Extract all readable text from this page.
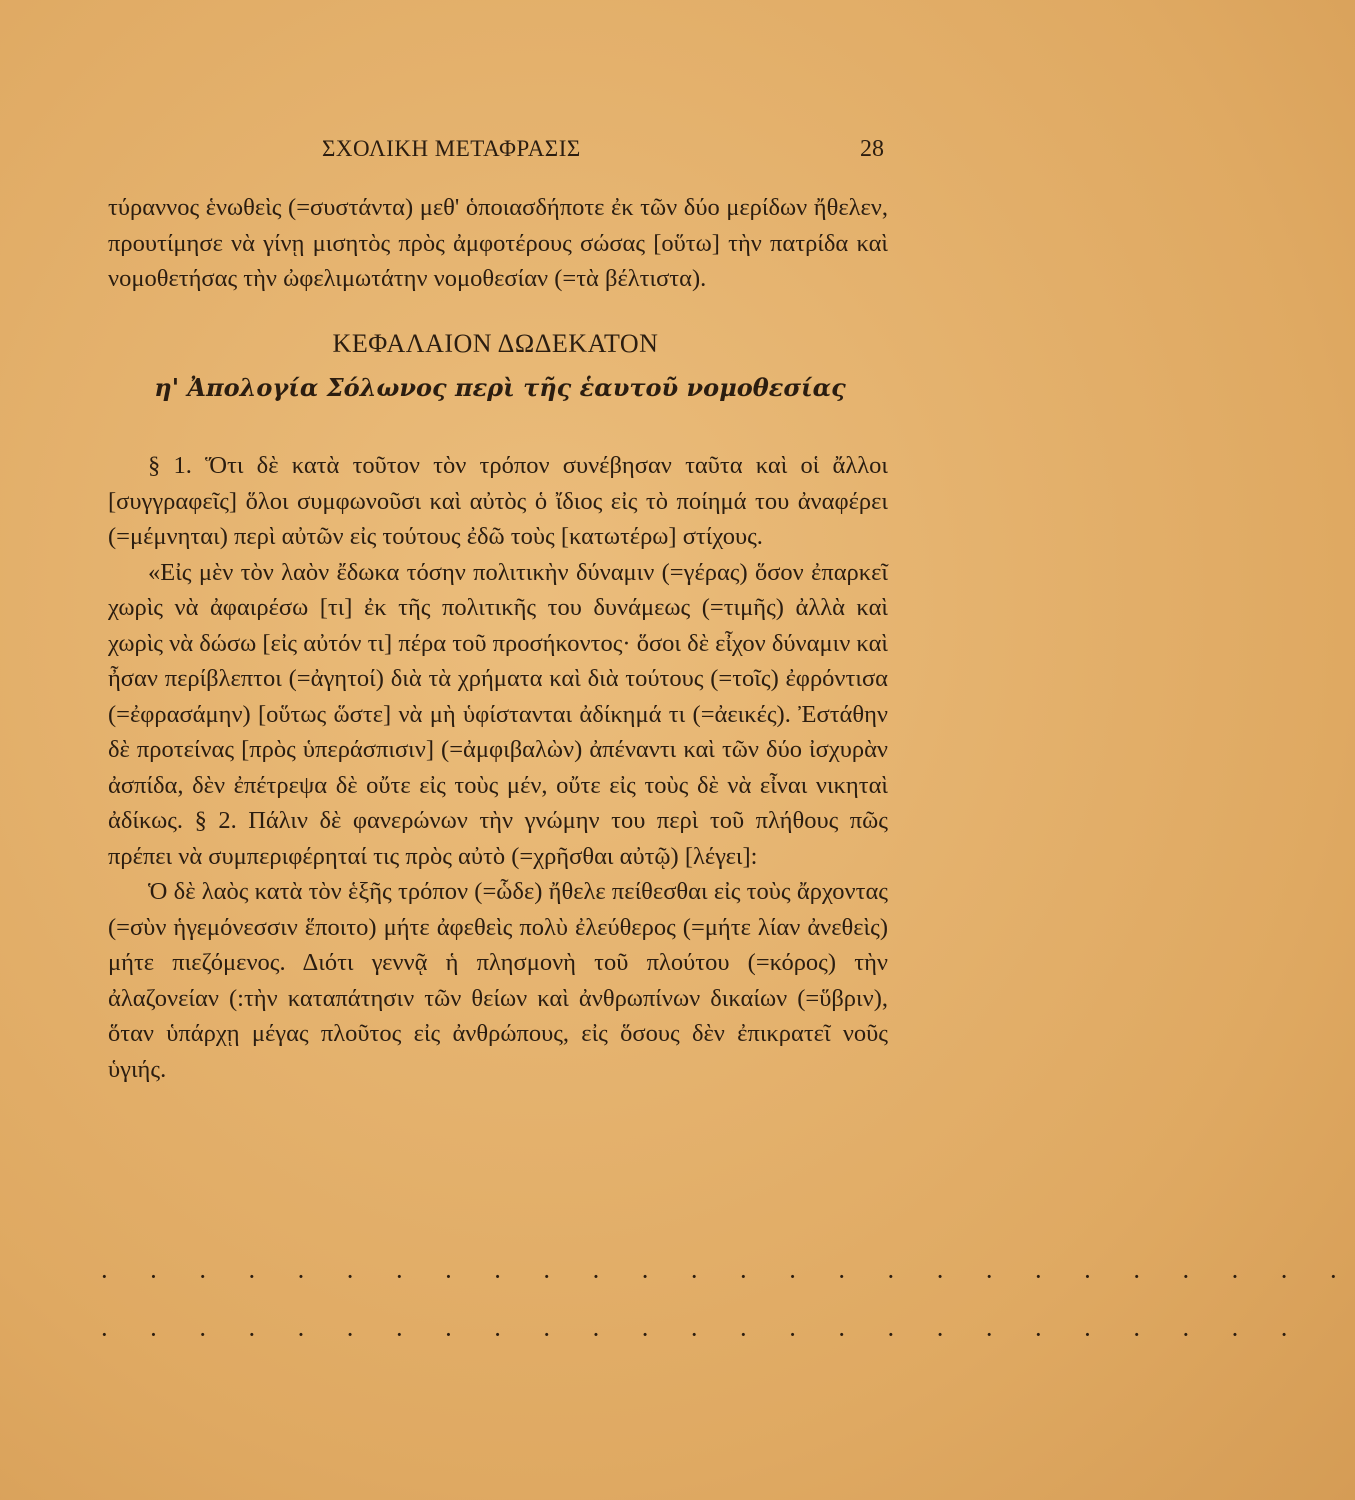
ΣΧΟΛΙΚΗ ΜΕΤΑΦΡΑΣΙΣ	28

τύραννος ἑνωθεὶς (=συστάντα) μεθ' ὁποιασδήποτε ἐκ τῶν δύο μερίδων ἤθελεν, προυτίμησε νὰ γίνῃ μισητὸς πρὸς ἀμφοτέρους σώσας [οὕτω] τὴν πατρίδα καὶ νομοθετήσας τὴν ὠφελιμωτάτην νομοθεσίαν (=τὰ βέλτιστα).

ΚΕΦΑΛΑΙΟΝ ΔΩΔΕΚΑΤΟΝ
η' Ἀπολογία Σόλωνος περὶ τῆς ἑαυτοῦ νομοθεσίας

§ 1. Ὅτι δὲ κατὰ τοῦτον τὸν τρόπον συνέβησαν ταῦτα καὶ οἱ ἄλλοι [συγγραφεῖς] ὅλοι συμφωνοῦσι καὶ αὐτὸς ὁ ἴδιος εἰς τὸ ποίημά του ἀναφέρει (=μέμνηται) περὶ αὐτῶν εἰς τούτους ἐδῶ τοὺς [κατωτέρω] στίχους.

«Εἰς μὲν τὸν λαὸν ἔδωκα τόσην πολιτικὴν δύναμιν (=γέρας) ὅσον ἐπαρκεῖ χωρὶς νὰ ἀφαιρέσω [τι] ἐκ τῆς πολιτικῆς του δυνάμεως (=τιμῆς) ἀλλὰ καὶ χωρὶς νὰ δώσω [εἰς αὐτόν τι] πέρα τοῦ προσήκοντος· ὅσοι δὲ εἶχον δύναμιν καὶ ἦσαν περίβλεπτοι (=ἀγητοί) διὰ τὰ χρήματα καὶ διὰ τούτους (=τοῖς) ἐφρόντισα (=ἐφρασάμην) [οὕτως ὥστε] νὰ μὴ ὑφίστανται ἀδίκημά τι (=ἀεικές). Ἐστάθην δὲ προτείνας [πρὸς ὑπεράσπισιν] (=ἀμφιβαλὼν) ἀπέναντι καὶ τῶν δύο ἰσχυρὰν ἀσπίδα, δὲν ἐπέτρεψα δὲ οὔτε εἰς τοὺς μέν, οὔτε εἰς τοὺς δὲ νὰ εἶναι νικηταὶ ἀδίκως. § 2. Πάλιν δὲ φανερώνων τὴν γνώμην του περὶ τοῦ πλήθους πῶς πρέπει νὰ συμπεριφέρηταί τις πρὸς αὐτὸ (=χρῆσθαι αὐτῷ) [λέγει]:

Ὁ δὲ λαὸς κατὰ τὸν ἑξῆς τρόπον (=ὧδε) ἤθελε πείθεσθαι εἰς τοὺς ἄρχοντας (=σὺν ἡγεμόνεσσιν ἕποιτο) μήτε ἀφεθεὶς πολὺ ἐλεύθερος (=μήτε λίαν ἀνεθεὶς) μήτε πιεζόμενος. Διότι γεννᾷ ἡ πλησμονὴ τοῦ πλούτου (=κόρος) τὴν ἀλαζονείαν (:τὴν καταπάτησιν τῶν θείων καὶ ἀνθρωπίνων δικαίων (=ὕβριν), ὅταν ὑπάρχῃ μέγας πλοῦτος εἰς ἀνθρώπους, εἰς ὅσους δὲν ἐπικρατεῖ νοῦς ὑγιής.

· · · · · · · · · · · · · · · · · · · · · · · · · ·
· · · · · · · · · · · · · · · · · · · · · · · · ·
